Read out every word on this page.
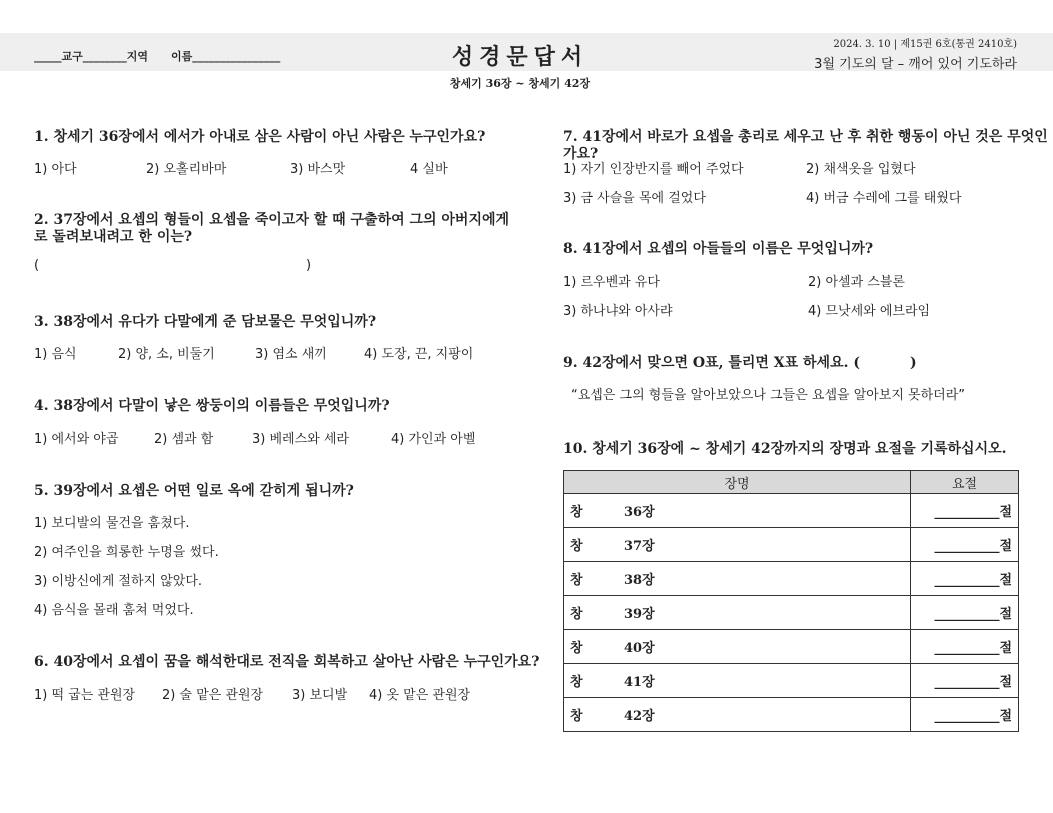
_____교구________지역      이름________________	성경문답서	2024. 3. 10 | 제15권 6호(통권 2410호)
3월 기도의 달 – 깨어 있어 기도하라
창세기 36장 ~ 창세기 42장
1. 창세기 36장에서 에서가 아내로 삼은 사람이 아닌 사람은 누구인가요?
1) 아다	2) 오홀리바마	3) 바스맛	4 실바
2. 37장에서 요셉의 형들이 요셉을 죽이고자 할 때 구출하여 그의 아버지에게로 돌려보내려고 한 이는?
(	)
3. 38장에서 유다가 다말에게 준 담보물은 무엇입니까?
1) 음식	2) 양, 소, 비둘기	3) 염소 새끼	4) 도장, 끈, 지팡이
4. 38장에서 다말이 낳은 쌍둥이의 이름들은 무엇입니까?
1) 에서와 야곱	2) 셈과 함	3) 베레스와 세라	4) 가인과 아벨
5. 39장에서 요셉은 어떤 일로 옥에 갇히게 됩니까?
1) 보디발의 물건을 훔쳤다.
2) 여주인을 희롱한 누명을 썼다.
3) 이방신에게 절하지 않았다.
4) 음식을 몰래 훔쳐 먹었다.
6. 40장에서 요셉이 꿈을 해석한대로 전직을 회복하고 살아난 사람은 누구인가요?
1) 떡 굽는 관원장 2) 술 맡은 관원장 3) 보디발 4) 옷 맡은 관원장
7. 41장에서 바로가 요셉을 총리로 세우고 난 후 취한 행동이 아닌 것은 무엇인가요?
1) 자기 인장반지를 빼어 주었다	2) 채색옷을 입혔다
3) 금 사슬을 목에 걸었다	4) 버금 수레에 그를 태웠다
8. 41장에서 요셉의 아들들의 이름은 무엇입니까?
1) 르우벤과 유다	2) 아셀과 스블론
3) 하나냐와 아사랴	4) 므낫세와 에브라임
9. 42장에서 맞으면 O표, 틀리면 X표 하세요. (	)
“요셉은 그의 형들을 알아보았으나 그들은 요셉을 알아보지 못하더라”
10. 창세기 36장에 ~ 창세기 42장까지의 장명과 요절을 기록하십시오.
장명	요절
창 36장	__________절
창 37장	__________절
창 38장	__________절
창 39장	__________절
창 40장	__________절
창 41장	__________절
창 42장	__________절
